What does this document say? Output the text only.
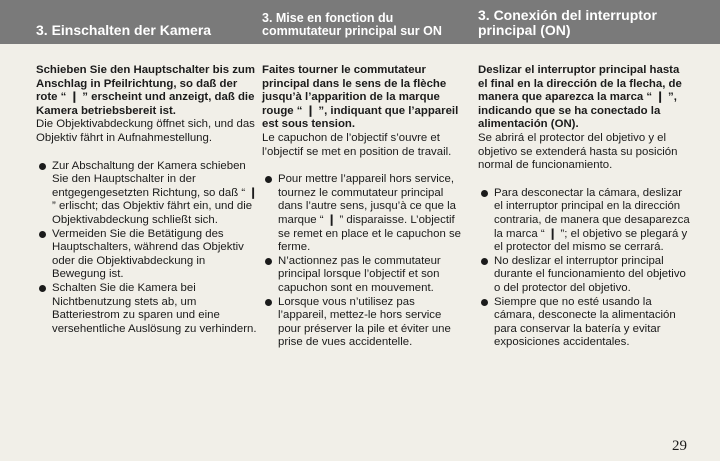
3. Einschalten der Kamera
3. Mise en fonction du commutateur principal sur ON
3. Conexión del interruptor principal (ON)
Schieben Sie den Hauptschalter bis zum Anschlag in Pfeilrichtung, so daß der rote “ ❙ ” erscheint und anzeigt, daß die Kamera betriebsbereit ist.
Die Objektivabdeckung öffnet sich, und das Objektiv fährt in Aufnahmestellung.
Zur Abschaltung der Kamera schieben Sie den Hauptschalter in der entgegengesetzten Richtung, so daß “ ❙ ” erlischt; das Objektiv fährt ein, und die Objektivabdeckung schließt sich.
Vermeiden Sie die Betätigung des Hauptschalters, während das Objektiv oder die Objektivabdeckung in Bewegung ist.
Schalten Sie die Kamera bei Nichtbenutzung stets ab, um Batteriestrom zu sparen und eine versehentliche Auslösung zu verhindern.
Faites tourner le commutateur principal dans le sens de la flèche jusqu’à l’apparition de la marque rouge “ ❙ ”, indiquant que l’appareil est sous tension.
Le capuchon de l’objectif s’ouvre et l’objectif se met en position de travail.
Pour mettre l’appareil hors service, tournez le commutateur principal dans l’autre sens, jusqu’à ce que la marque “ ❙ ” disparaisse. L’objectif se remet en place et le capuchon se ferme.
N’actionnez pas le commutateur principal lorsque l’objectif et son capuchon sont en mouvement.
Lorsque vous n’utilisez pas l’appareil, mettez-le hors service pour préserver la pile et éviter une prise de vues accidentelle.
Deslizar el interruptor principal hasta el final en la dirección de la flecha, de manera que aparezca la marca “ ❙ ”, indicando que se ha conectado la alimentación (ON).
Se abrirá el protector del objetivo y el objetivo se extenderá hasta su posición normal de funcionamiento.
Para desconectar la cámara, deslizar el interruptor principal en la dirección contraria, de manera que desaparezca la marca “ ❙ ”; el objetivo se plegará y el protector del mismo se cerrará.
No deslizar el interruptor principal durante el funcionamiento del objetivo o del protector del objetivo.
Siempre que no esté usando la cámara, desconecte la alimentación para conservar la batería y evitar exposiciones accidentales.
29
